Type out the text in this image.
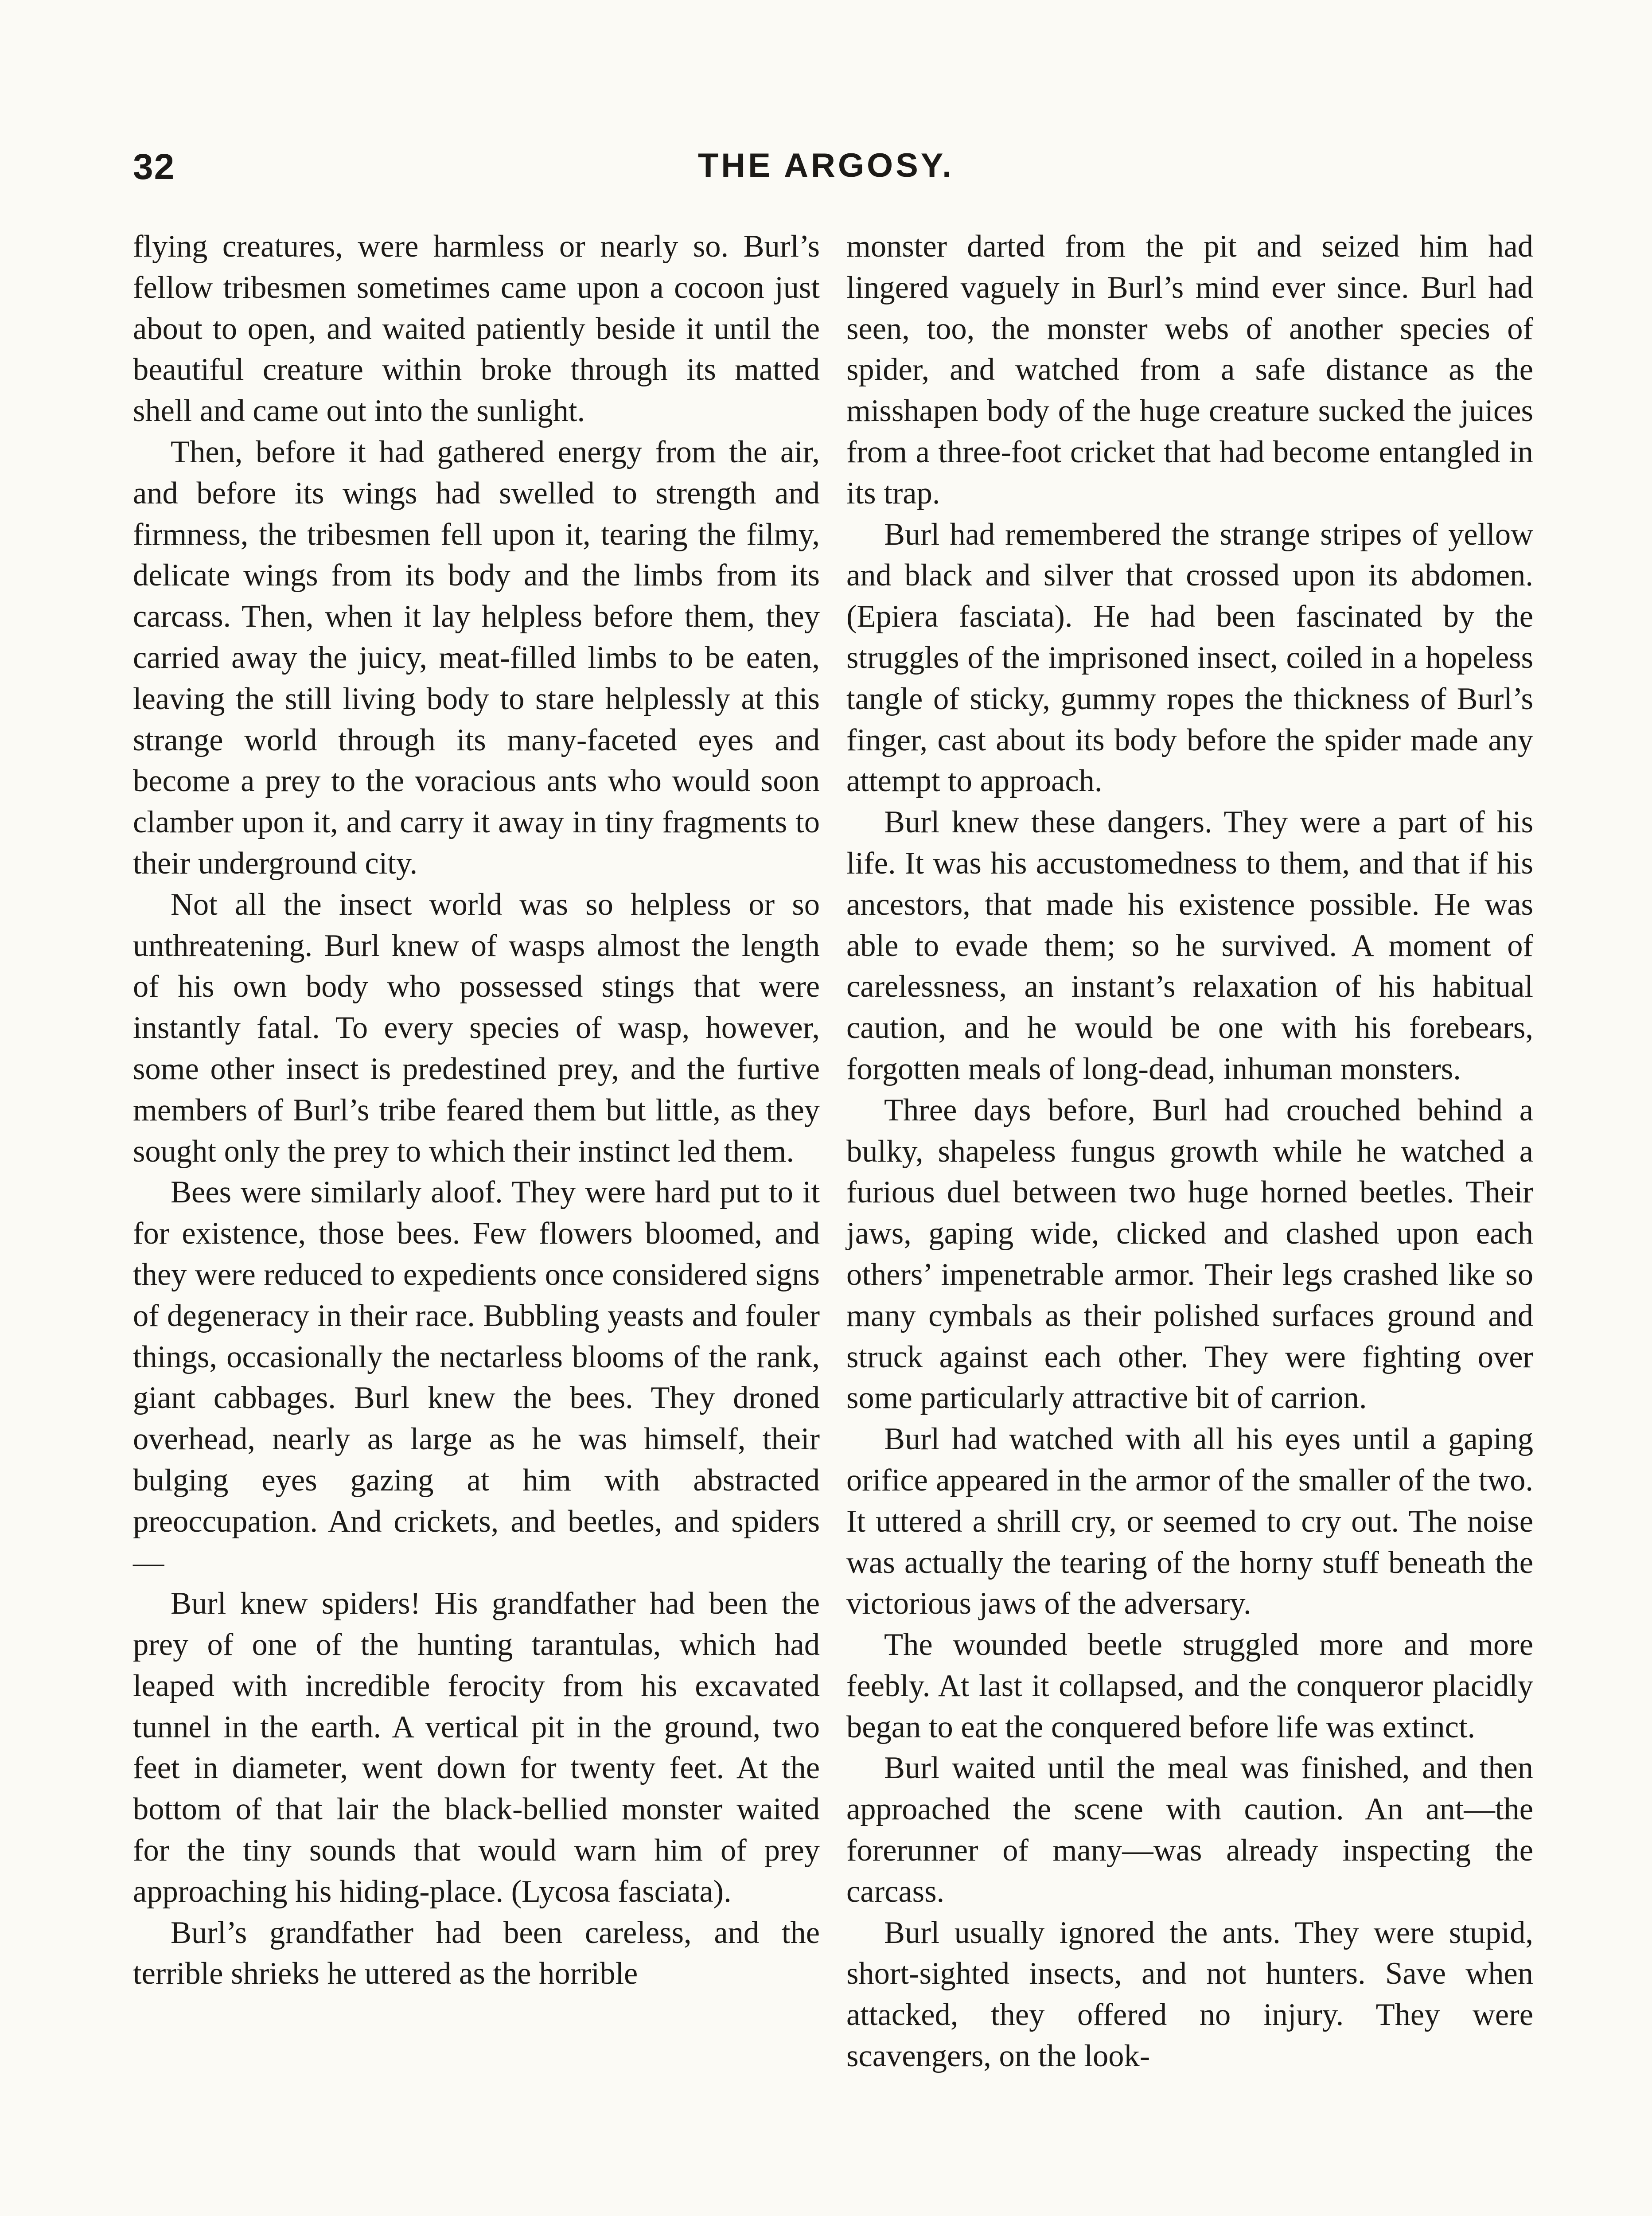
32	THE ARGOSY.

flying creatures, were harmless or nearly so. Burl’s fellow tribesmen sometimes came upon a cocoon just about to open, and waited patiently beside it until the beautiful creature within broke through its matted shell and came out into the sunlight.

Then, before it had gathered energy from the air, and before its wings had swelled to strength and firmness, the tribesmen fell upon it, tearing the filmy, delicate wings from its body and the limbs from its carcass. Then, when it lay helpless before them, they carried away the juicy, meat-filled limbs to be eaten, leaving the still living body to stare helplessly at this strange world through its many-faceted eyes and become a prey to the voracious ants who would soon clamber upon it, and carry it away in tiny fragments to their underground city.

Not all the insect world was so helpless or so unthreatening. Burl knew of wasps almost the length of his own body who possessed stings that were instantly fatal. To every species of wasp, however, some other insect is predestined prey, and the furtive members of Burl’s tribe feared them but little, as they sought only the prey to which their instinct led them.

Bees were similarly aloof. They were hard put to it for existence, those bees. Few flowers bloomed, and they were reduced to expedients once considered signs of degeneracy in their race. Bubbling yeasts and fouler things, occasionally the nectarless blooms of the rank, giant cabbages. Burl knew the bees. They droned overhead, nearly as large as he was himself, their bulging eyes gazing at him with abstracted preoccupation. And crickets, and beetles, and spiders—

Burl knew spiders! His grandfather had been the prey of one of the hunting tarantulas, which had leaped with incredible ferocity from his excavated tunnel in the earth. A vertical pit in the ground, two feet in diameter, went down for twenty feet. At the bottom of that lair the black-bellied monster waited for the tiny sounds that would warn him of prey approaching his hiding-place. (Lycosa fasciata).

Burl’s grandfather had been careless, and the terrible shrieks he uttered as the horrible

monster darted from the pit and seized him had lingered vaguely in Burl’s mind ever since. Burl had seen, too, the monster webs of another species of spider, and watched from a safe distance as the misshapen body of the huge creature sucked the juices from a three-foot cricket that had become entangled in its trap.

Burl had remembered the strange stripes of yellow and black and silver that crossed upon its abdomen. (Epiera fasciata). He had been fascinated by the struggles of the imprisoned insect, coiled in a hopeless tangle of sticky, gummy ropes the thickness of Burl’s finger, cast about its body before the spider made any attempt to approach.

Burl knew these dangers. They were a part of his life. It was his accustomedness to them, and that if his ancestors, that made his existence possible. He was able to evade them; so he survived. A moment of carelessness, an instant’s relaxation of his habitual caution, and he would be one with his forebears, forgotten meals of long-dead, inhuman monsters.

Three days before, Burl had crouched behind a bulky, shapeless fungus growth while he watched a furious duel between two huge horned beetles. Their jaws, gaping wide, clicked and clashed upon each others’ impenetrable armor. Their legs crashed like so many cymbals as their polished surfaces ground and struck against each other. They were fighting over some particularly attractive bit of carrion.

Burl had watched with all his eyes until a gaping orifice appeared in the armor of the smaller of the two. It uttered a shrill cry, or seemed to cry out. The noise was actually the tearing of the horny stuff beneath the victorious jaws of the adversary.

The wounded beetle struggled more and more feebly. At last it collapsed, and the conqueror placidly began to eat the conquered before life was extinct.

Burl waited until the meal was finished, and then approached the scene with caution. An ant—the forerunner of many—was already inspecting the carcass.

Burl usually ignored the ants. They were stupid, short-sighted insects, and not hunters. Save when attacked, they offered no injury. They were scavengers, on the look-
